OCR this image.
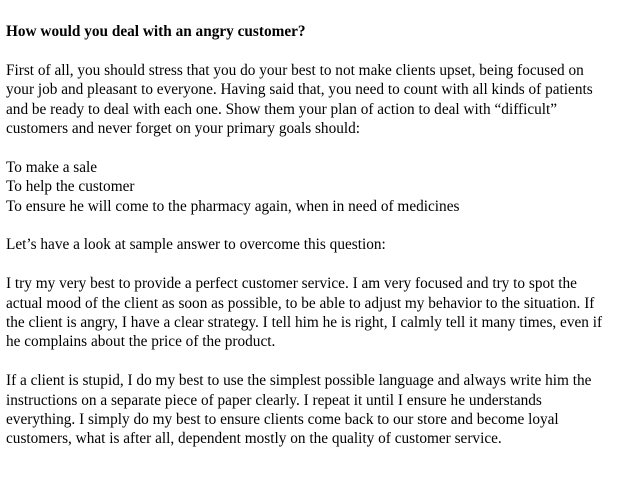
How would you deal with an angry customer?
First of all, you should stress that you do your best to not make clients upset, being focused on
your job and pleasant to everyone. Having said that, you need to count with all kinds of patients
and be ready to deal with each one. Show them your plan of action to deal with “difficult”
customers and never forget on your primary goals should:
To make a sale
To help the customer
To ensure he will come to the pharmacy again, when in need of medicines
Let’s have a look at sample answer to overcome this question:
I try my very best to provide a perfect customer service. I am very focused and try to spot the
actual mood of the client as soon as possible, to be able to adjust my behavior to the situation. If
the client is angry, I have a clear strategy. I tell him he is right, I calmly tell it many times, even if
he complains about the price of the product.
If a client is stupid, I do my best to use the simplest possible language and always write him the
instructions on a separate piece of paper clearly. I repeat it until I ensure he understands
everything. I simply do my best to ensure clients come back to our store and become loyal
customers, what is after all, dependent mostly on the quality of customer service.
